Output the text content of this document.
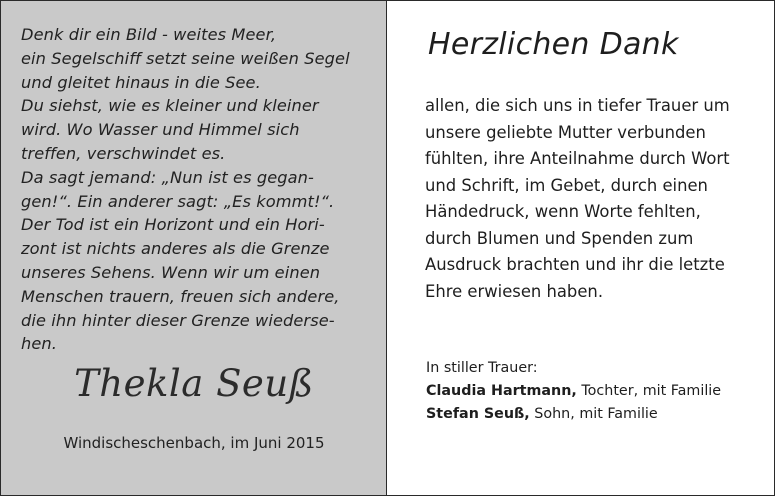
Denk dir ein Bild - weites Meer,
ein Segelschiff setzt seine weißen Segel
und gleitet hinaus in die See.
Du siehst, wie es kleiner und kleiner
wird. Wo Wasser und Himmel sich
treffen, verschwindet es.
Da sagt jemand: „Nun ist es gegan-
gen!“. Ein anderer sagt: „Es kommt!“.
Der Tod ist ein Horizont und ein Hori-
zont ist nichts anderes als die Grenze
unseres Sehens. Wenn wir um einen
Menschen trauern, freuen sich andere,
die ihn hinter dieser Grenze wiederse-
hen.
Thekla Seuß
Windischeschenbach, im Juni 2015
Herzlichen Dank
allen, die sich uns in tiefer Trauer um
unsere geliebte Mutter verbunden
fühlten, ihre Anteilnahme durch Wort
und Schrift, im Gebet, durch einen
Händedruck, wenn Worte fehlten,
durch Blumen und Spenden zum
Ausdruck brachten und ihr die letzte
Ehre erwiesen haben.
In stiller Trauer:
Claudia Hartmann, Tochter, mit Familie
Stefan Seuß, Sohn, mit Familie
